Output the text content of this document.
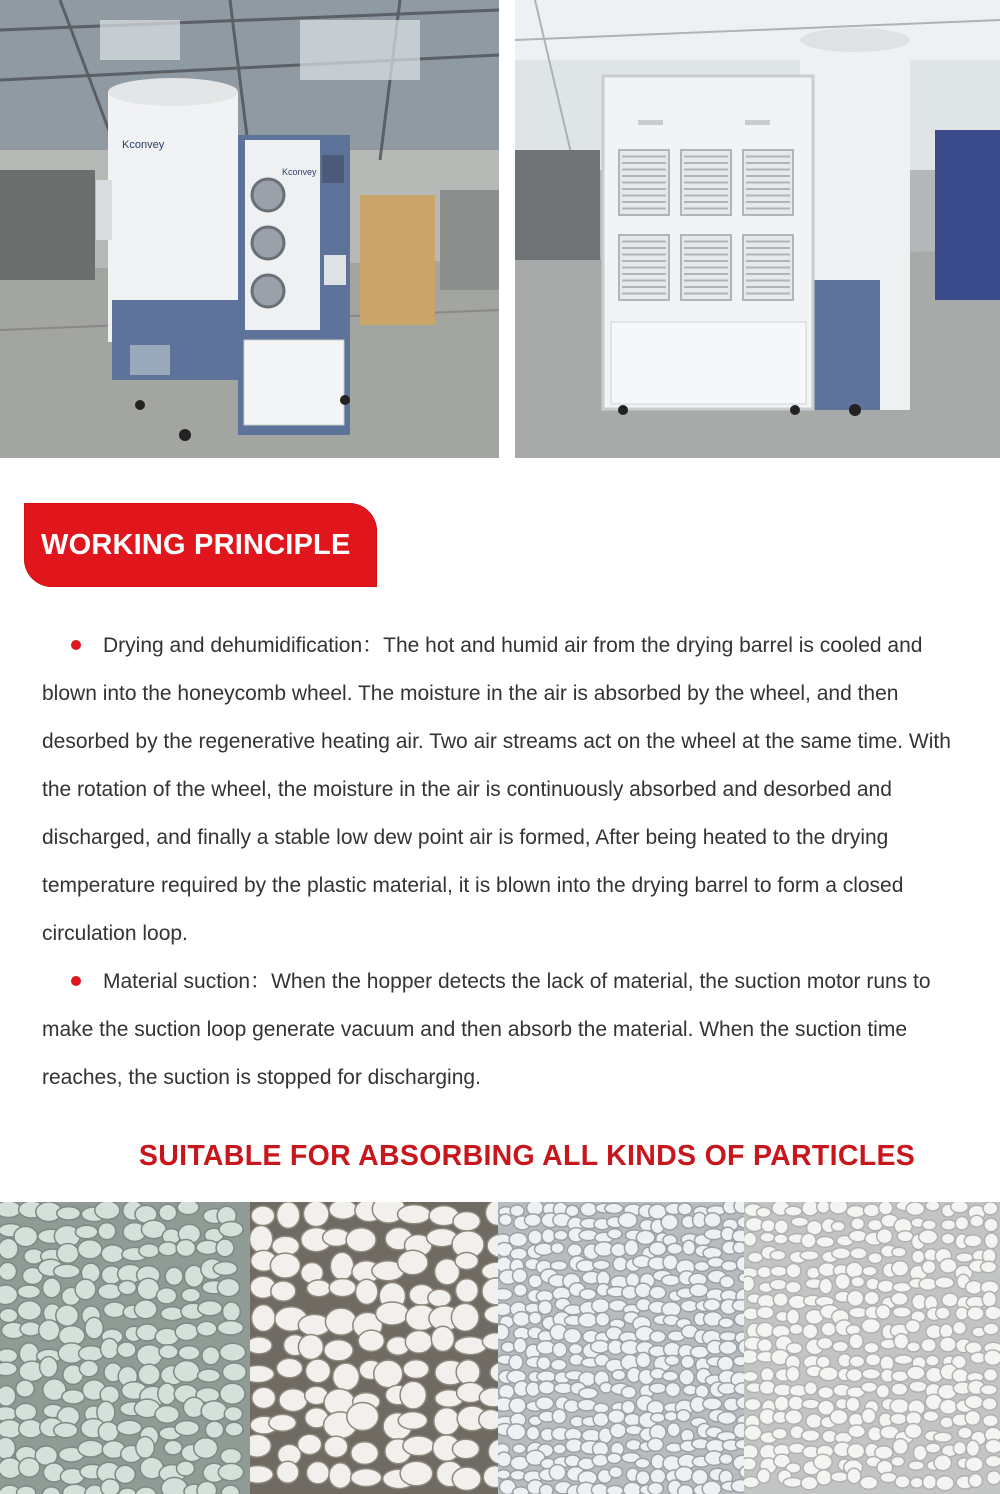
Kconvey
Kconvey
WORKING PRINCIPLE

Drying and dehumidification：The hot and humid air from the drying barrel is cooled and blown into the honeycomb wheel. The moisture in the air is absorbed by the wheel, and then desorbed by the regenerative heating air. Two air streams act on the wheel at the same time. With the rotation of the wheel, the moisture in the air is continuously absorbed and desorbed and discharged, and finally a stable low dew point air is formed, After being heated to the drying temperature required by the plastic material, it is blown into the drying barrel to form a closed circulation loop.

Material suction：When the hopper detects the lack of material, the suction motor runs to make the suction loop generate vacuum and then absorb the material. When the suction time reaches, the suction is stopped for discharging.

SUITABLE FOR ABSORBING ALL KINDS OF PARTICLES
